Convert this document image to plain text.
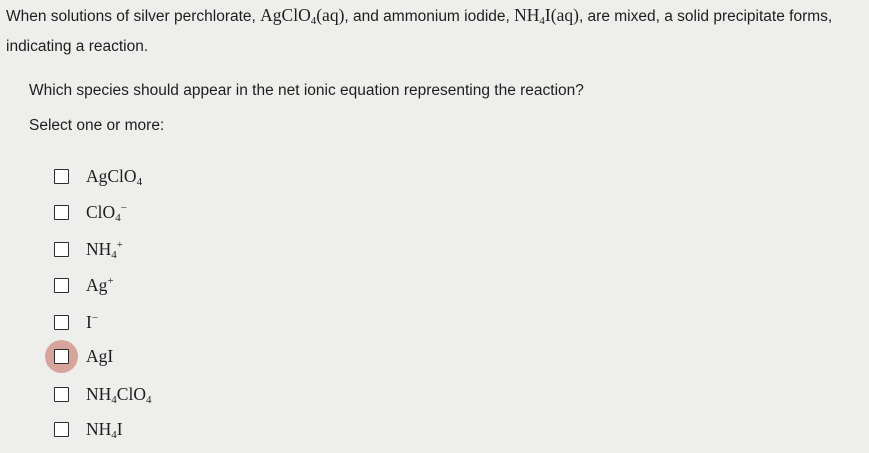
When solutions of silver perchlorate, AgClO$_4$(aq), and ammonium iodide, $NH_4I(aq)$, are mixed, a solid precipitate forms, indicating a reaction.
Which species should appear in the net ionic equation representing the reaction?
Select one or more:
AgClO$_4$
ClO$_4$−
$NH_4^+$
Ag+
I−
AgI
$NH_4ClO_4$
$NH_4I$
